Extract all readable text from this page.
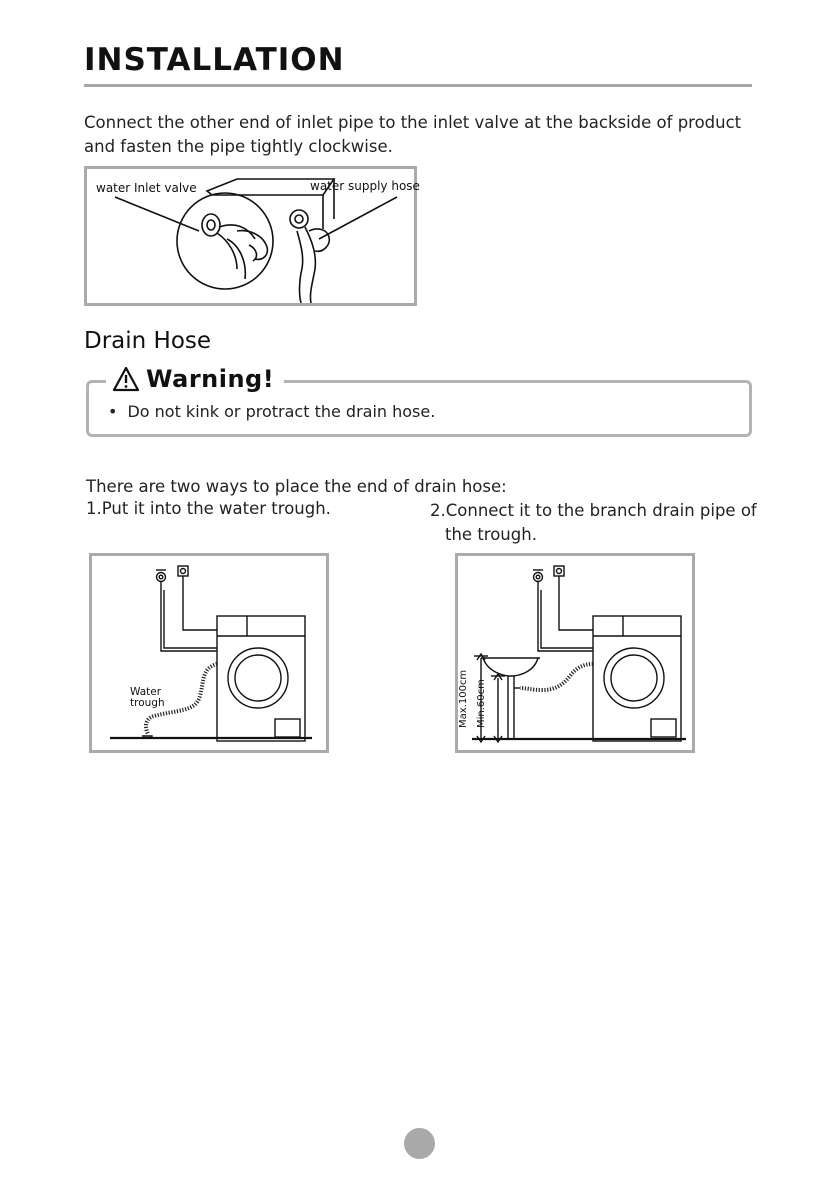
INSTALLATION
Connect the other end of inlet pipe to the inlet valve at the backside of product
and fasten the pipe tightly clockwise.
water Inlet valve	water supply hose
Drain Hose
Warning!
• Do not kink or protract the drain hose.
There are two ways to place the end of drain hose:
1.Put it into the water trough.	2.Connect it to the branch drain pipe of the trough.
Water
trough	Max.100cm Min.60cm
